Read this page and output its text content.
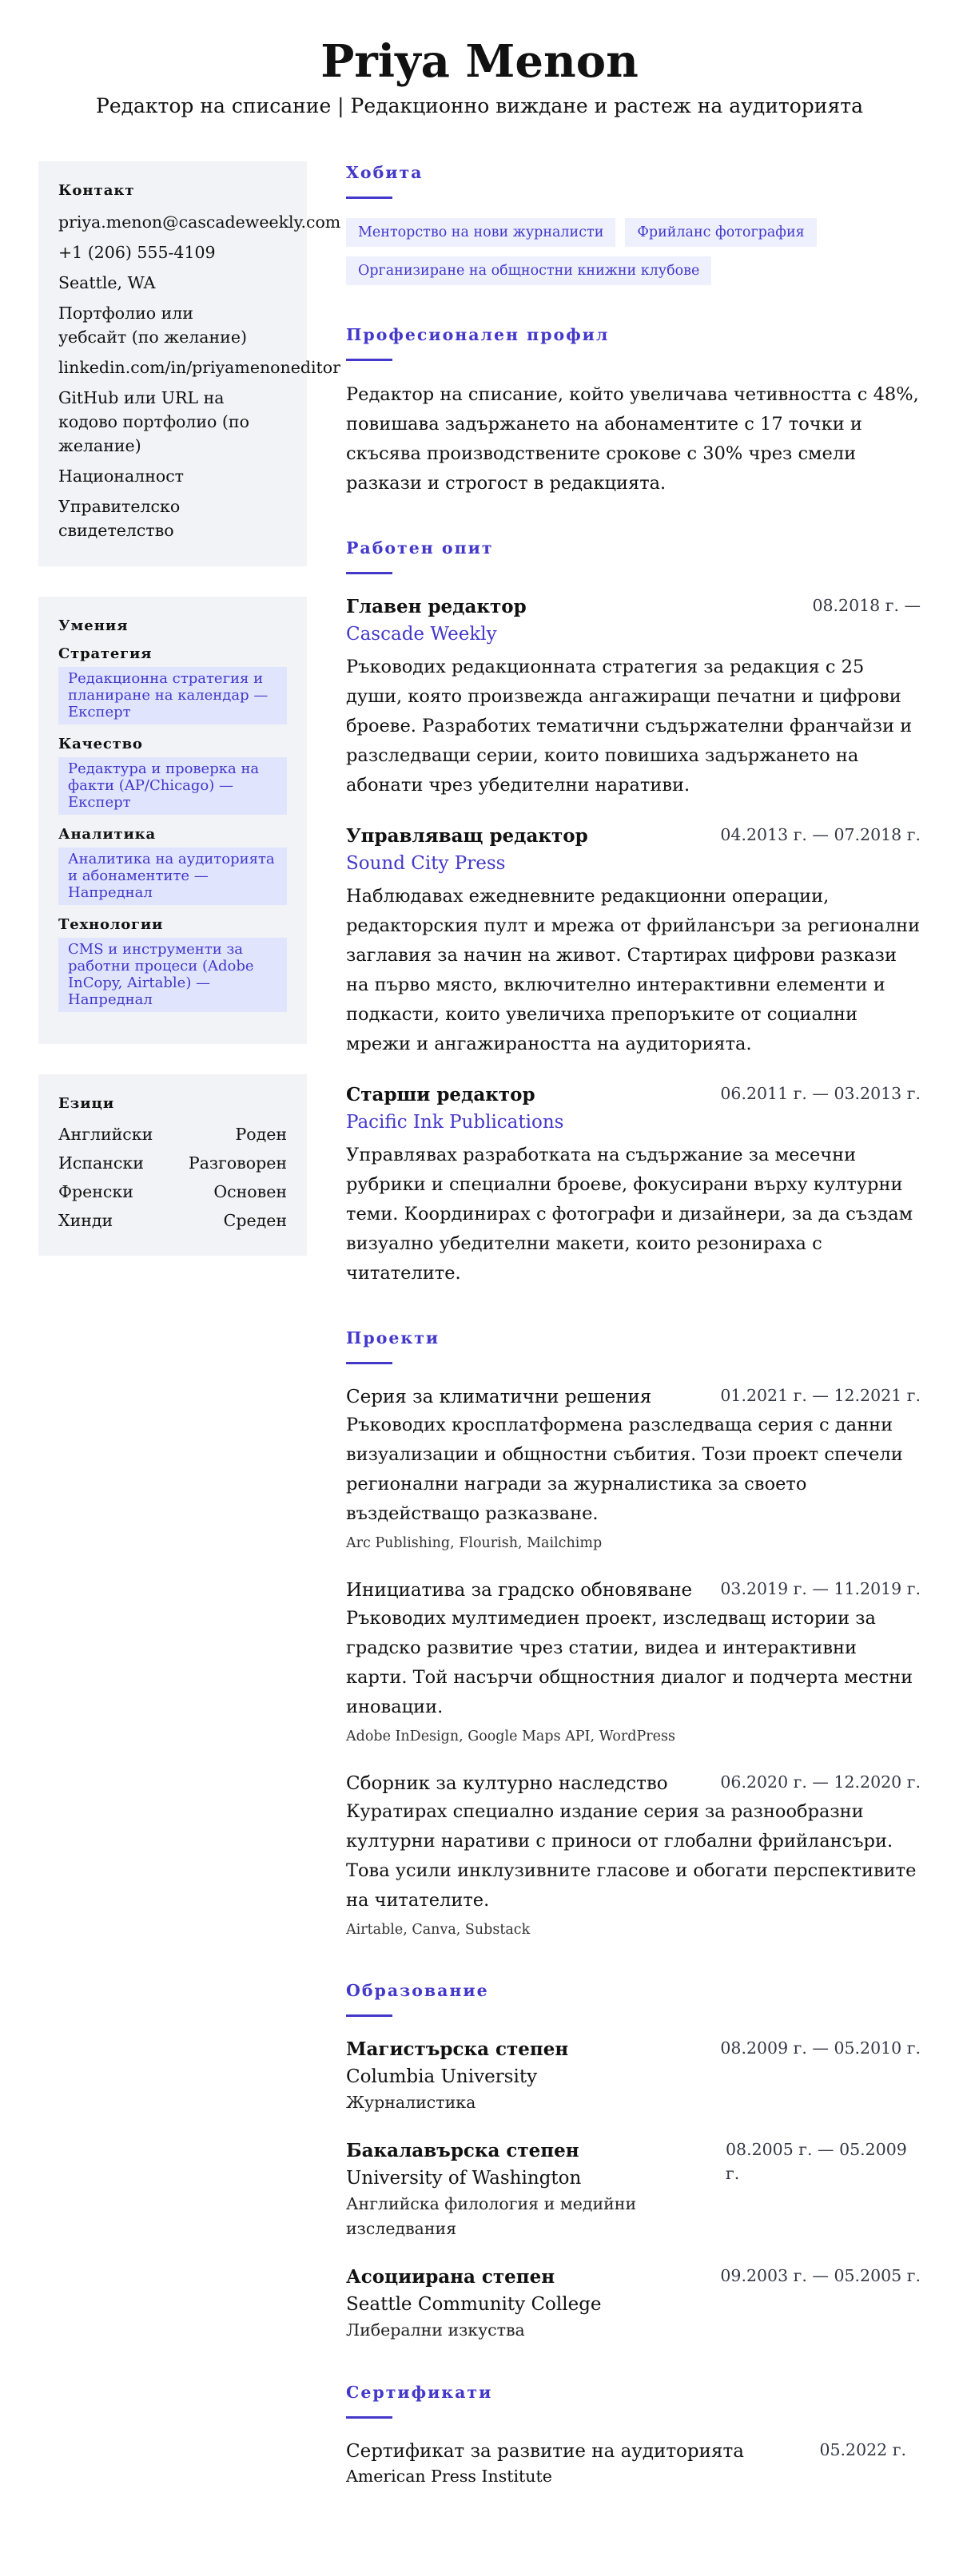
Priya Menon
Редактор на списание | Редакционно виждане и растеж на аудиторията
Контакт
priya.menon@cascadeweekly.com
+1 (206) 555-4109
Seattle, WA
Портфолио или уебсайт (по желание)
linkedin.com/in/priyamenoneditor
GitHub или URL на кодово портфолио (по желание)
Националност
Управителско свидетелство
Умения
Стратегия
Редакционна стратегия и планиране на календар — Експерт
Качество
Редактура и проверка на факти (AP/Chicago) — Експерт
Аналитика
Аналитика на аудиторията и абонаментите — Напреднал
Технологии
CMS и инструменти за работни процеси (Adobe InCopy, Airtable) — Напреднал
Езици
Английски	Роден
Испански	Разговорен
Френски	Основен
Хинди	Среден
Хобита
Менторство на нови журналисти	Фрийланс фотография
Организиране на общностни книжни клубове
Професионален профил

Редактор на списание, който увеличава четивността с 48%, повишава задържането на абонаментите с 17 точки и скъсява производствените срокове с 30% чрез смели разкази и строгост в редакцията.

Работен опит
Главен редактор	08.2018 г. —
Cascade Weekly

Ръководих редакционната стратегия за редакция с 25 души, която произвежда ангажиращи печатни и цифрови броеве. Разработих тематични съдържателни франчайзи и разследващи серии, които повишиха задържането на абонати чрез убедителни наративи.

Управляващ редактор	04.2013 г. — 07.2018 г.
Sound City Press

Наблюдавах ежедневните редакционни операции, редакторския пулт и мрежа от фрийлансъри за регионални заглавия за начин на живот. Стартирах цифрови разкази на първо място, включително интерактивни елементи и подкасти, които увеличиха препоръките от социални мрежи и ангажираността на аудиторията.

Старши редактор	06.2011 г. — 03.2013 г.
Pacific Ink Publications

Управлявах разработката на съдържание за месечни рубрики и специални броеве, фокусирани върху културни теми. Координирах с фотографи и дизайнери, за да създам визуално убедителни макети, които резонираха с читателите.

Проекти
Серия за климатични решения	01.2021 г. — 12.2021 г.

Ръководих кросплатформена разследваща серия с данни визуализации и общностни събития. Този проект спечели регионални награди за журналистика за своето въздействащо разказване.

Arc Publishing, Flourish, Mailchimp
Инициатива за градско обновяване 03.2019 г. — 11.2019 г.

Ръководих мултимедиен проект, изследващ истории за градско развитие чрез статии, видеа и интерактивни карти. Той насърчи общностния диалог и подчерта местни иновации.

Adobe InDesign, Google Maps API, WordPress
Сборник за културно наследство	06.2020 г. — 12.2020 г.

Куратирах специално издание серия за разнообразни културни наративи с приноси от глобални фрийлансъри. Това усили инклузивните гласове и обогати перспективите на читателите.

Airtable, Canva, Substack
Образование
Магистърска степен
Columbia University
Журналистика
08.2009 г. — 05.2010 г.
Бакалавърска степен
University of Washington
Английска филология и медийни изследвания
08.2005 г. — 05.2009 г.
Асоциирана степен
Seattle Community College
Либерални изкуства
09.2003 г. — 05.2005 г.
Сертификати
Сертификат за развитие на аудиторията	05.2022 г.
American Press Institute
